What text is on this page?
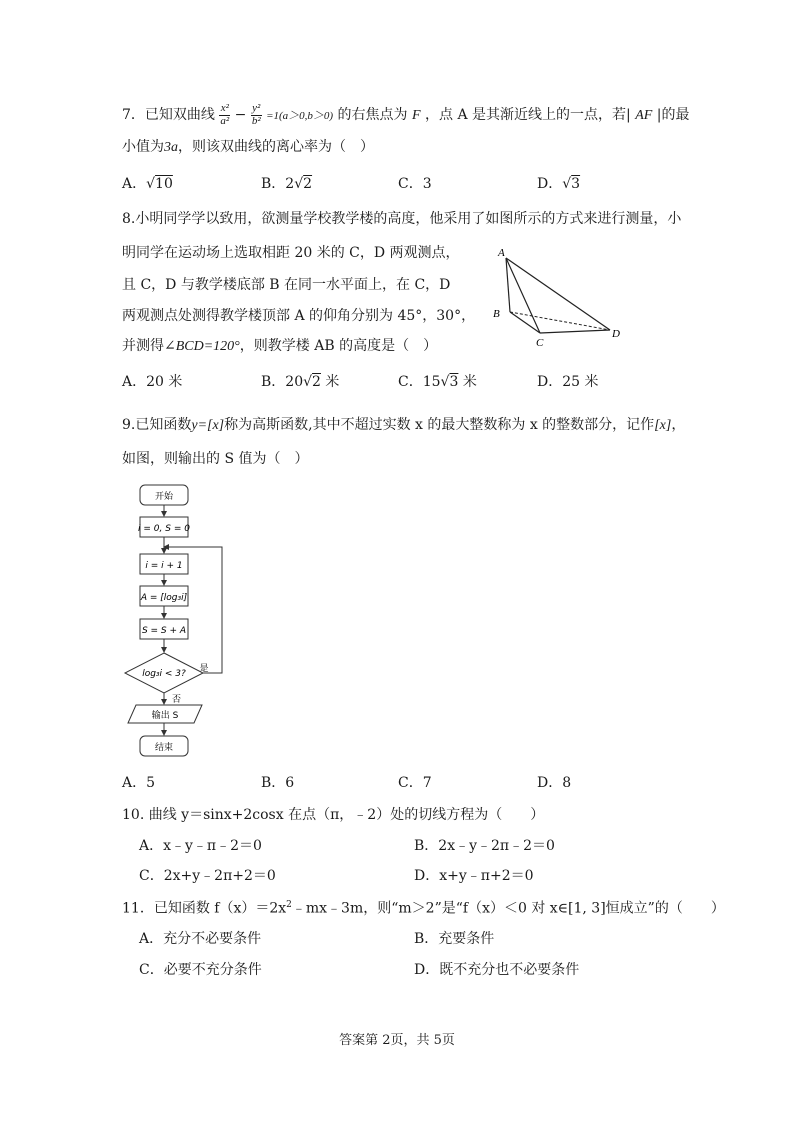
7．已知双曲线 $\frac{\text{x²}}{\text{a²}} - \frac{\text{y²}}{\text{b²}} =1(a>0,b>0)$ 的右焦点为 F ，点 A 是其渐近线上的一点，若| AF |的最
小值为3a，则该双曲线的离心率为（　）
A．√10	B．2√2	C．3	D．√3
8.小明同学学以致用，欲测量学校教学楼的高度，他采用了如图所示的方式来进行测量，小
明同学在运动场上选取相距 20 米的 C，D 两观测点，
且 C，D 与教学楼底部 B 在同一水平面上，在 C，D
两观测点处测得教学楼顶部 A 的仰角分别为 45°，30°，
并测得∠BCD=120°，则教学楼 AB 的高度是（　）
A
B
C
D
A．20 米	B．20√2 米	C．15√3 米	D．25 米
9.已知函数y=[x]称为高斯函数,其中不超过实数 x 的最大整数称为 x 的整数部分，记作[x]，
如图，则输出的 S 值为（　）
开始
i = 0, S = 0
是
i = i + 1
A = [log₃i]
S = S + A
log₃i < 3?
否
输出 S
结束
A．5	B．6	C．7	D．8
10. 曲线 y＝sinx+2cosx 在点（π，﹣2）处的切线方程为（　　）
A．x﹣y﹣π﹣2＝0	B．2x﹣y﹣2π﹣2＝0
C．2x+y﹣2π+2＝0	D．x+y﹣π+2＝0
11．已知函数 $f(x)=2x^2﹣mx﹣3m$，则“m＞2”是“f（x）＜0 对 x∈[1, 3]恒成立”的（　　）
A．充分不必要条件	B．充要条件
C．必要不充分条件	D．既不充分也不必要条件
答案第 2页，共 5页
